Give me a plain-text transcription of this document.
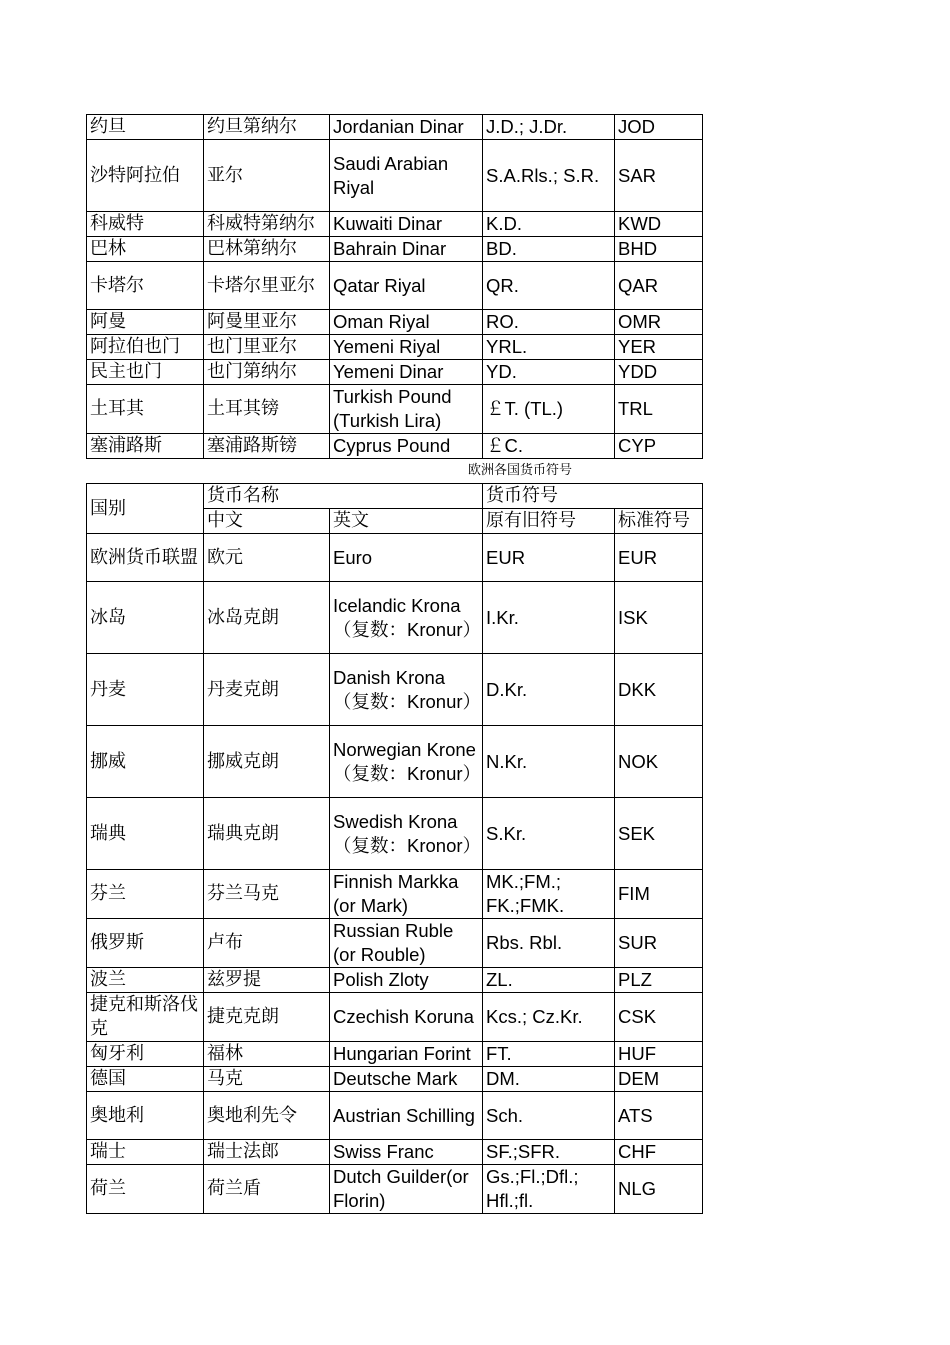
约旦	约旦第纳尔	Jordanian Dinar	J.D.; J.Dr.	JOD
沙特阿拉伯	亚尔	Saudi Arabian Riyal	S.A.Rls.; S.R.	SAR
科威特	科威特第纳尔	Kuwaiti Dinar	K.D.	KWD
巴林	巴林第纳尔	Bahrain Dinar	BD.	BHD
卡塔尔	卡塔尔里亚尔	Qatar Riyal	QR.	QAR
阿曼	阿曼里亚尔	Oman Riyal	RO.	OMR
阿拉伯也门	也门里亚尔	Yemeni Riyal	YRL.	YER
民主也门	也门第纳尔	Yemeni Dinar	YD.	YDD
土耳其	土耳其镑	Turkish Pound (Turkish Lira)	￡T. (TL.)	TRL
塞浦路斯	塞浦路斯镑	Cyprus Pound	￡C.	CYP
欧洲各国货币符号
国别	货币名称		货币符号	
	中文	英文	原有旧符号	标准符号
欧洲货币联盟	欧元	Euro	EUR	EUR
冰岛	冰岛克朗	Icelandic Krona （复数：Kronur）	I.Kr.	ISK
丹麦	丹麦克朗	Danish Krona （复数：Kronur）	D.Kr.	DKK
挪威	挪威克朗	Norwegian Krone（复数：Kronur）	N.Kr.	NOK
瑞典	瑞典克朗	Swedish Krona （复数：Kronor）	S.Kr.	SEK
芬兰	芬兰马克	Finnish Markka (or Mark)	MK.;FM.; FK.;FMK.	FIM
俄罗斯	卢布	Russian Ruble (or Rouble)	Rbs. Rbl.	SUR
波兰	兹罗提	Polish Zloty	ZL.	PLZ
捷克和斯洛伐克	捷克克朗	Czechish Koruna	Kcs.; Cz.Kr.	CSK
匈牙利	福林	Hungarian Forint	FT.	HUF
德国	马克	Deutsche Mark	DM.	DEM
奥地利	奥地利先令	Austrian Schilling	Sch.	ATS
瑞士	瑞士法郎	Swiss Franc	SF.;SFR.	CHF
荷兰	荷兰盾	Dutch Guilder(or Florin)	Gs.;Fl.;Dfl.; Hfl.;fl.	NLG
